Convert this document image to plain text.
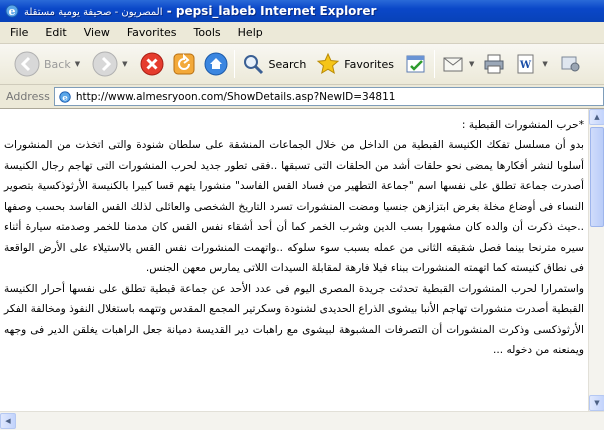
e المصريون - صحيفة يومية مستقلة - pepsi_labeb Internet Explorer
File Edit View Favorites Tools Help
Back ▼	▼	Search	Favorites	▼	W ▼
Address e http://www.almesryoon.com/ShowDetails.asp?NewID=34811
*حرب المنشورات القبطية :
بدو أن مسلسل تفكك الكنيسة القبطية من الداخل من خلال الجماعات المنشقة على سلطان شنودة والتى اتخذت من المنشورات أسلوبا لنشر أفكارها يمضى نحو حلقات أشد من الحلقات التى تسبقها ..فقى تطور جديد لحرب المنشورات التى تهاجم رجال الكنيسة أصدرت جماعة تطلق على نفسها اسم "جماعة التطهير من فساد القس الفاسد" منشورا يتهم قسا كبيرا بالكنيسة الأرثوذكسية بتصوير النساء فى أوضاع مخلة بغرض ابتزازهن جنسيا ومضت المنشورات تسرد التاريخ الشخصى والعائلى لذلك القس الفاسد بحسب وصفها ..حيث ذكرت أن والده كان مشهورا بسب الدين وشرب الخمر كما أن أحد أشقاء نفس القس كان مدمنا للخمر وصدمته سيارة أثناء سيره مترنحا بينما فصل شقيقه الثانى من عمله بسبب سوء سلوكه ..واتهمت المنشورات نفس القس بالاستيلاء على الأرض الواقعة فى نطاق كنيسته كما اتهمته المنشورات ببناء فيلا فارهة لمقابلة السيدات اللاتى يمارس معهن الجنس.
واستمرارا لحرب المنشورات القبطية تحدثت جريدة المصرى اليوم فى عدد الأحد عن جماعة قبطية تطلق على نفسها أحرار الكنيسة القبطية أصدرت منشورات تهاجم الأنبا بيشوى الذراع الحديدى لشنودة وسكرتير المجمع المقدس وتتهمه باستغلال النفوذ ومخالفة الفكر الأرثوذكسى وذكرت المنشورات أن التصرفات المشبوهة لبيشوى مع راهبات دير القديسة دميانة جعل الراهبات يغلقن الدير فى وجهه ويمنعنه من دخوله ...
▲
▼
◀
